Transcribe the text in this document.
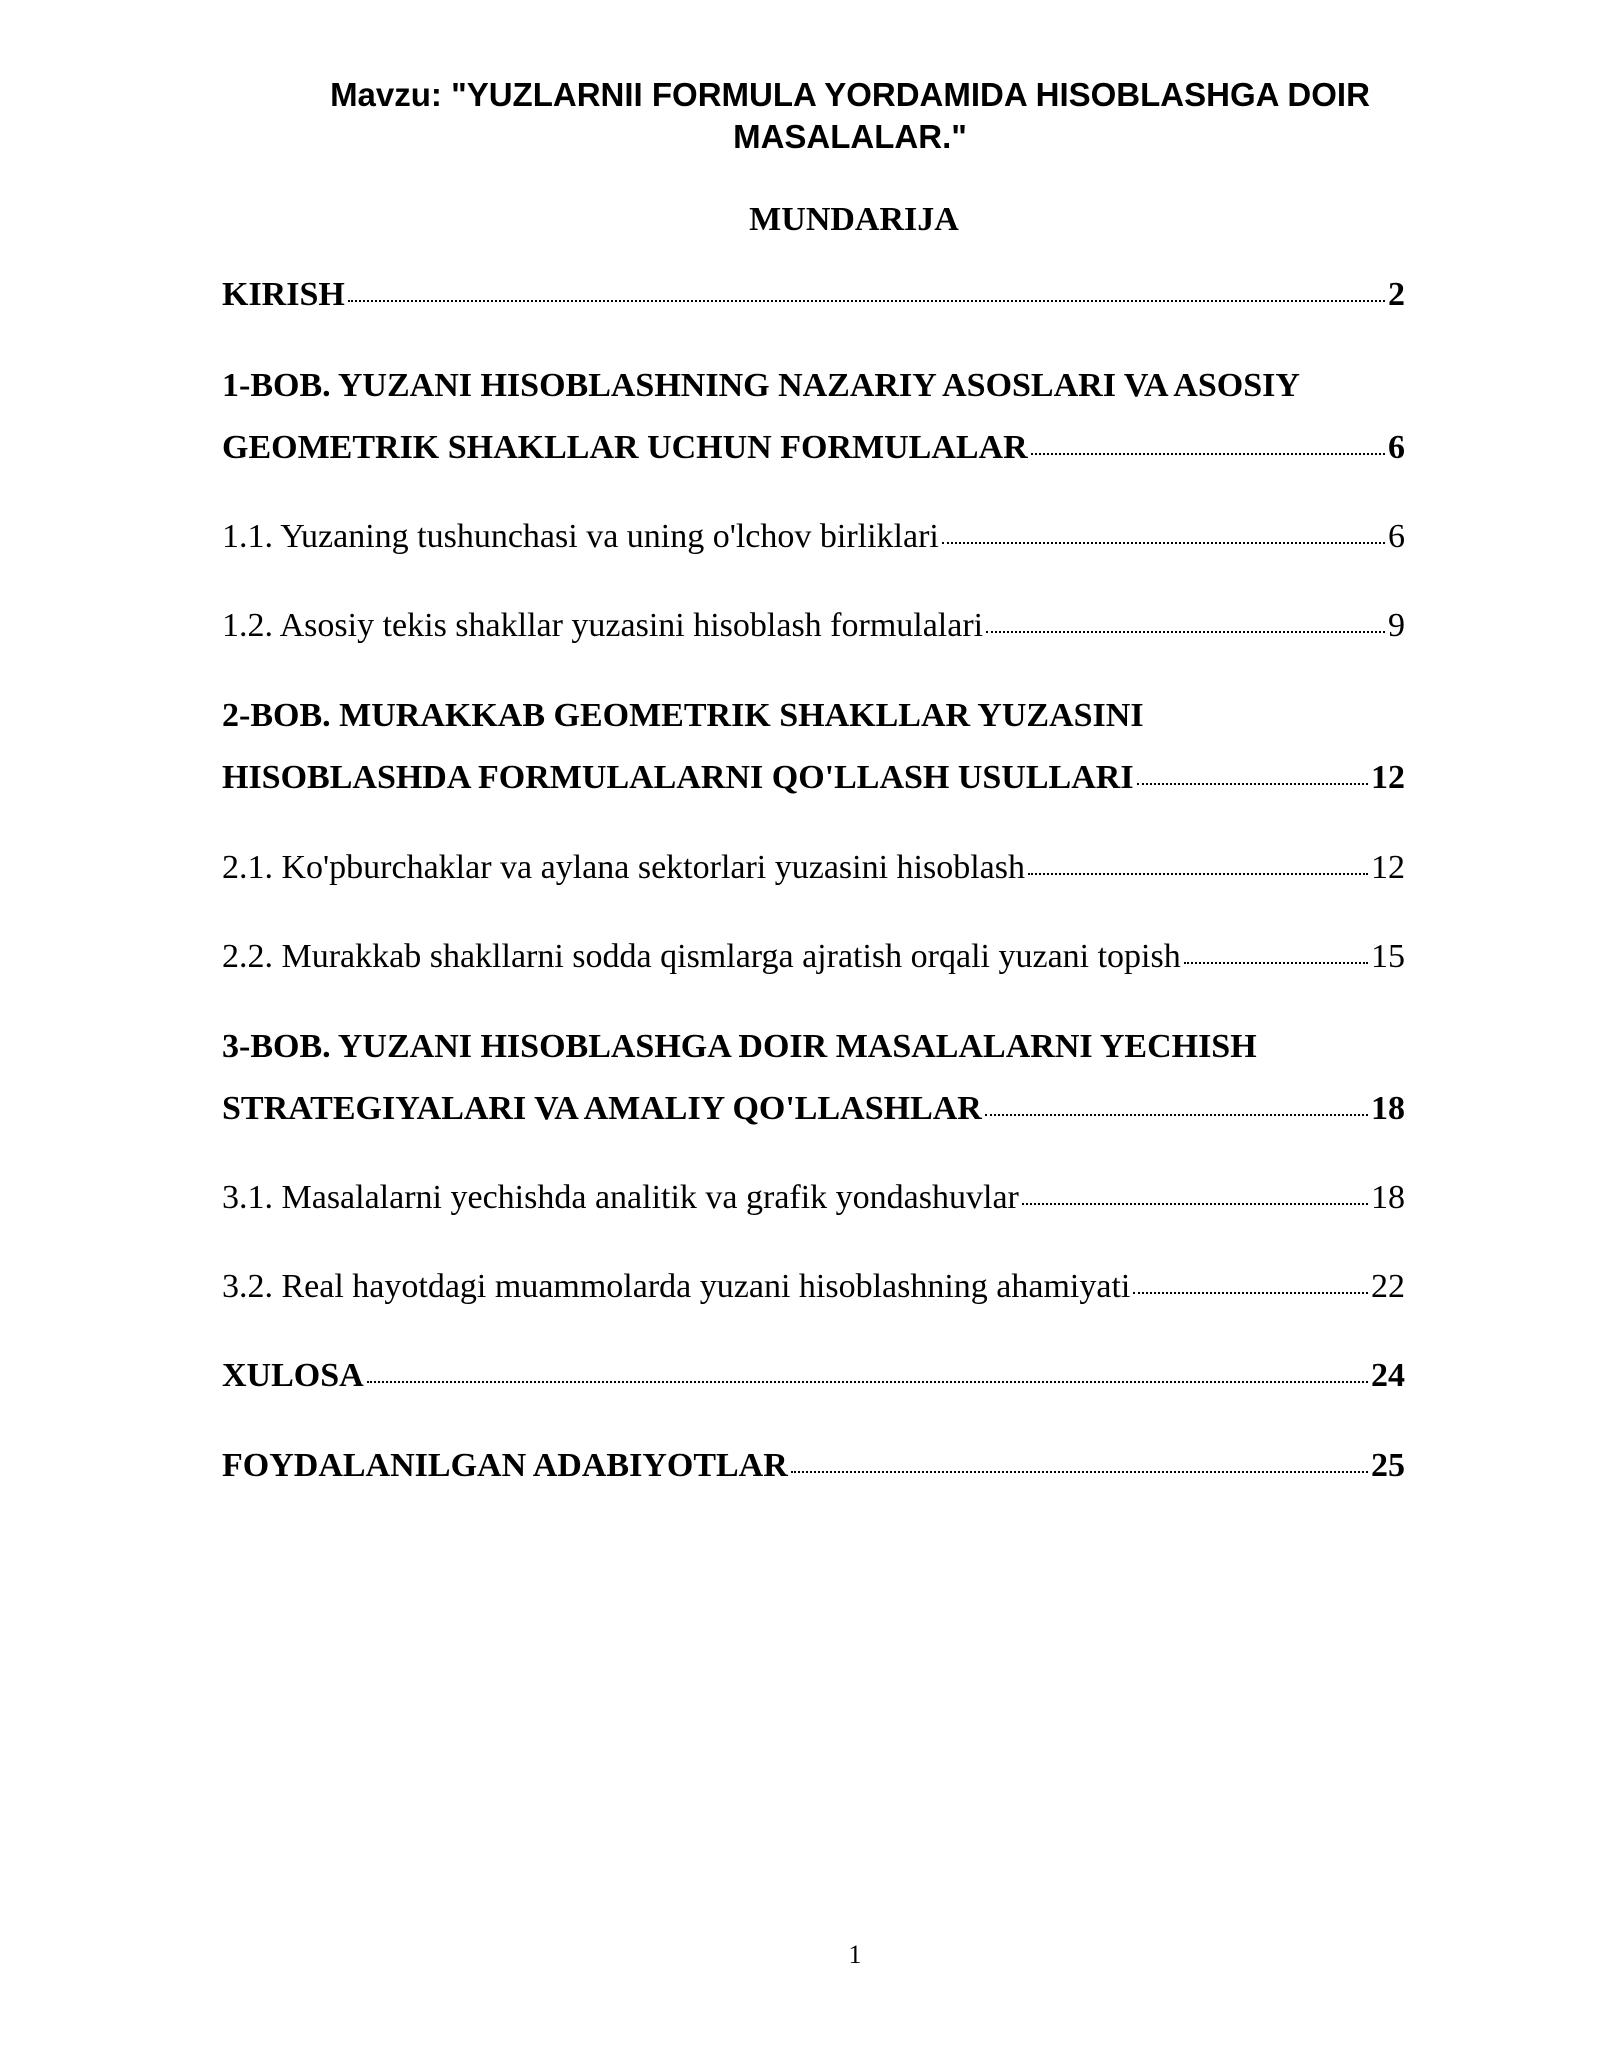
Mavzu: "YUZLARNII FORMULA YORDAMIDA HISOBLASHGA DOIR MASALALAR."
MUNDARIJA
KIRISH	2
1-BOB. YUZANI HISOBLASHNING NAZARIY ASOSLARI VA ASOSIY
GEOMETRIK SHAKLLAR UCHUN FORMULALAR	6
1.1. Yuzaning tushunchasi va uning o'lchov birliklari	6
1.2. Asosiy tekis shakllar yuzasini hisoblash formulalari	9
2-BOB. MURAKKAB GEOMETRIK SHAKLLAR YUZASINI
HISOBLASHDA FORMULALARNI QO'LLASH USULLARI	12
2.1. Ko'pburchaklar va aylana sektorlari yuzasini hisoblash	12
2.2. Murakkab shakllarni sodda qismlarga ajratish orqali yuzani topish	15
3-BOB. YUZANI HISOBLASHGA DOIR MASALALARNI YECHISH
STRATEGIYALARI VA AMALIY QO'LLASHLAR	18
3.1. Masalalarni yechishda analitik va grafik yondashuvlar	18
3.2. Real hayotdagi muammolarda yuzani hisoblashning ahamiyati	22
XULOSA	24
FOYDALANILGAN ADABIYOTLAR	25
1
